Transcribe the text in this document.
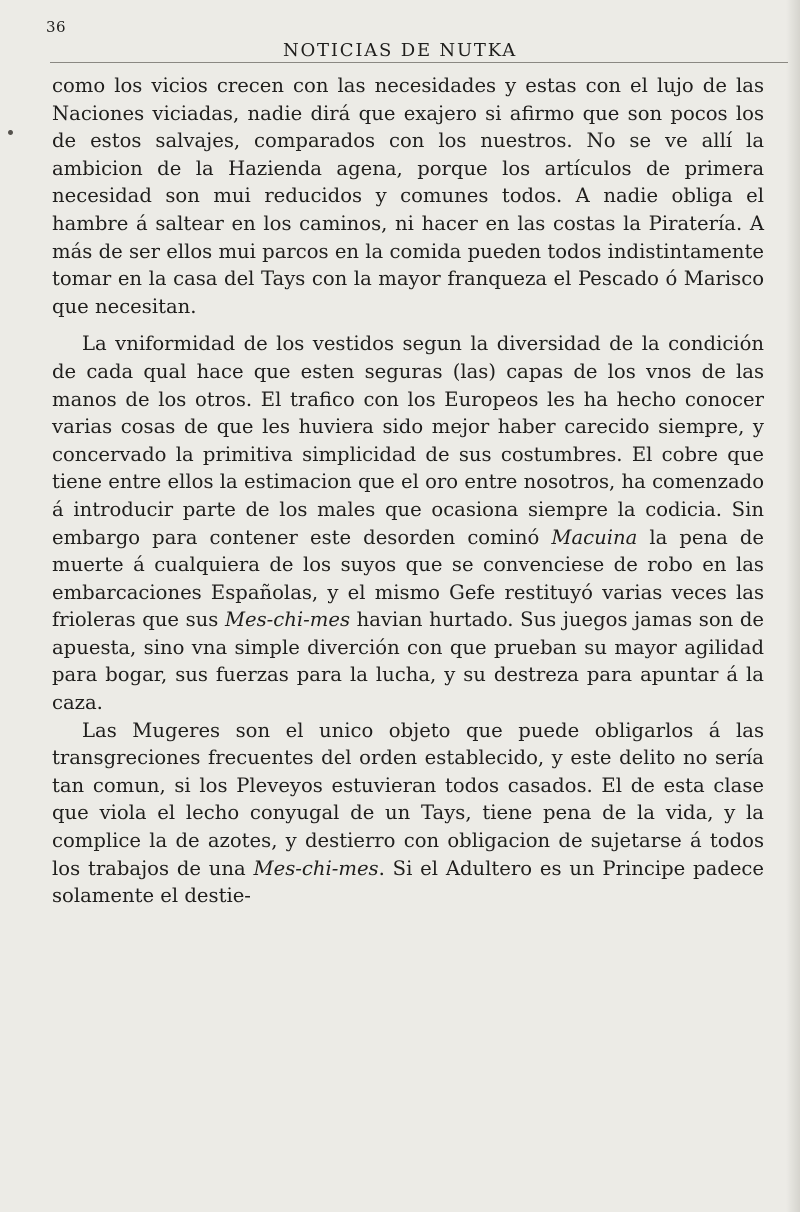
36
NOTICIAS DE NUTKA

como los vicios crecen con las necesidades y estas con el lujo de las Naciones viciadas, nadie dirá que exajero si afirmo que son pocos los de estos salvajes, comparados con los nuestros. No se ve allí la ambicion de la Hazienda agena, porque los artículos de primera necesidad son mui reducidos y comunes todos. A nadie obliga el hambre á saltear en los caminos, ni hacer en las costas la Piratería. A más de ser ellos mui parcos en la comida pueden todos indistintamente tomar en la casa del Tays con la mayor franqueza el Pescado ó Marisco que necesitan.

La vniformidad de los vestidos segun la diversidad de la condición de cada qual hace que esten seguras (las) capas de los vnos de las manos de los otros. El trafico con los Europeos les ha hecho conocer varias cosas de que les huviera sido mejor haber carecido siempre, y concervado la primitiva simplicidad de sus costumbres. El cobre que tiene entre ellos la estimacion que el oro entre nosotros, ha comenzado á introducir parte de los males que ocasiona siempre la codicia. Sin embargo para contener este desorden cominó Macuina la pena de muerte á cualquiera de los suyos que se convenciese de robo en las embarcaciones Españolas, y el mismo Gefe restituyó varias veces las frioleras que sus Mes-chi-mes havian hurtado. Sus juegos jamas son de apuesta, sino vna simple diverción con que prueban su mayor agilidad para bogar, sus fuerzas para la lucha, y su destreza para apuntar á la caza.

Las Mugeres son el unico objeto que puede obligarlos á las transgreciones frecuentes del orden establecido, y este delito no sería tan comun, si los Pleveyos estuvieran todos casados. El de esta clase que viola el lecho conyugal de un Tays, tiene pena de la vida, y la complice la de azotes, y destierro con obligacion de sujetarse á todos los trabajos de una Mes-chi-mes. Si el Adultero es un Principe padece solamente el destie-
